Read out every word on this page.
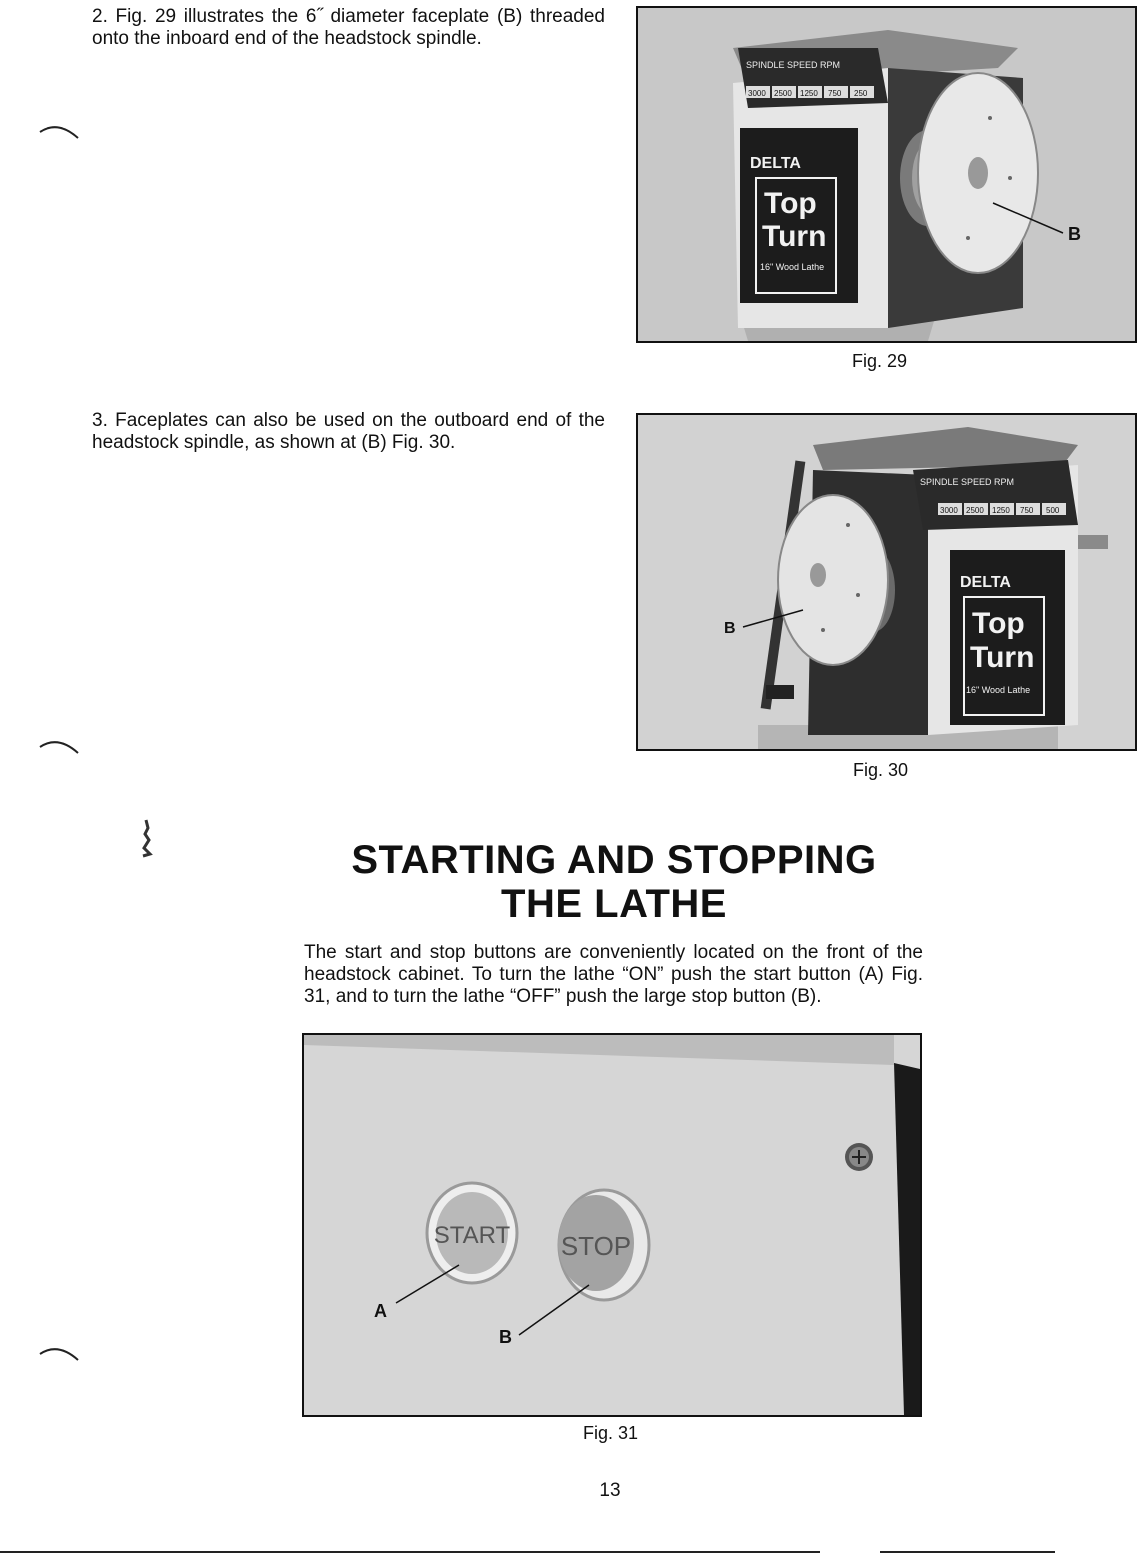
2. Fig. 29 illustrates the 6˝ diameter faceplate (B) threaded onto the inboard end of the headstock spindle.
SPINDLE SPEED RPM
3000 2500 1250 750 250
DELTA
Top
Turn
16" Wood Lathe
B
Fig. 29
3. Faceplates can also be used on the outboard end of the headstock spindle, as shown at (B) Fig. 30.
SPINDLE SPEED RPM
3000 2500 1250 750 500
DELTA
Top
Turn
16" Wood Lathe
B
Fig. 30
STARTING AND STOPPING
THE LATHE
The start and stop buttons are conveniently located on the front of the headstock cabinet. To turn the lathe “ON” push the start button (A) Fig. 31, and to turn the lathe “OFF” push the large stop button (B).
START STOP
A
B
Fig. 31
13
